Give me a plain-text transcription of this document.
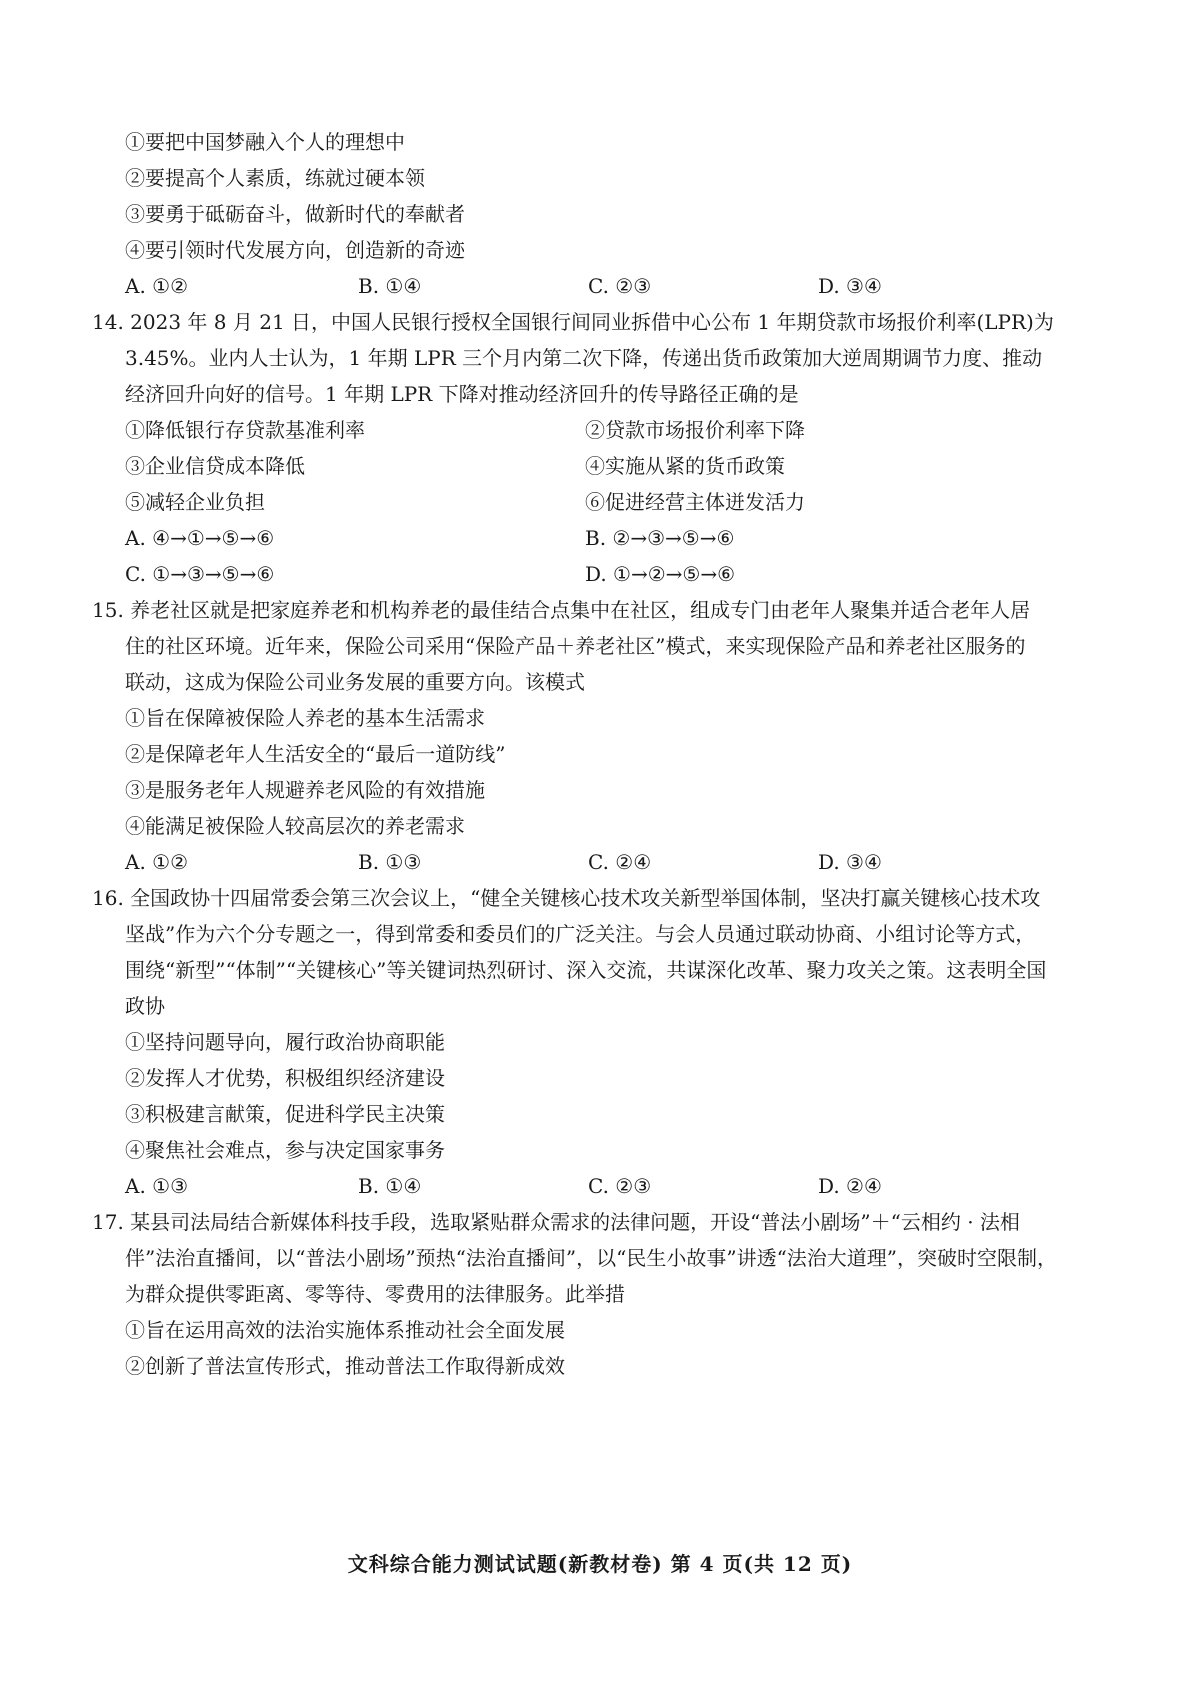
①要把中国梦融入个人的理想中
②要提高个人素质，练就过硬本领
③要勇于砥砺奋斗，做新时代的奉献者
④要引领时代发展方向，创造新的奇迹
A. ①②	B. ①④	C. ②③	D. ③④
14. 2023 年 8 月 21 日，中国人民银行授权全国银行间同业拆借中心公布 1 年期贷款市场报价利率(LPR)为
3.45%。业内人士认为，1 年期 LPR 三个月内第二次下降，传递出货币政策加大逆周期调节力度、推动
经济回升向好的信号。1 年期 LPR 下降对推动经济回升的传导路径正确的是
①降低银行存贷款基准利率	②贷款市场报价利率下降
③企业信贷成本降低	④实施从紧的货币政策
⑤减轻企业负担	⑥促进经营主体迸发活力
A. ④→①→⑤→⑥	B. ②→③→⑤→⑥
C. ①→③→⑤→⑥	D. ①→②→⑤→⑥
15. 养老社区就是把家庭养老和机构养老的最佳结合点集中在社区，组成专门由老年人聚集并适合老年人居
住的社区环境。近年来，保险公司采用“保险产品＋养老社区”模式，来实现保险产品和养老社区服务的
联动，这成为保险公司业务发展的重要方向。该模式
①旨在保障被保险人养老的基本生活需求
②是保障老年人生活安全的“最后一道防线”
③是服务老年人规避养老风险的有效措施
④能满足被保险人较高层次的养老需求
A. ①②	B. ①③	C. ②④	D. ③④
16. 全国政协十四届常委会第三次会议上，“健全关键核心技术攻关新型举国体制，坚决打赢关键核心技术攻
坚战”作为六个分专题之一，得到常委和委员们的广泛关注。与会人员通过联动协商、小组讨论等方式，
围绕“新型”“体制”“关键核心”等关键词热烈研讨、深入交流，共谋深化改革、聚力攻关之策。这表明全国
政协
①坚持问题导向，履行政治协商职能
②发挥人才优势，积极组织经济建设
③积极建言献策，促进科学民主决策
④聚焦社会难点，参与决定国家事务
A. ①③	B. ①④	C. ②③	D. ②④
17. 某县司法局结合新媒体科技手段，选取紧贴群众需求的法律问题，开设“普法小剧场”＋“云相约 · 法相
伴”法治直播间，以“普法小剧场”预热“法治直播间”，以“民生小故事”讲透“法治大道理”，突破时空限制，
为群众提供零距离、零等待、零费用的法律服务。此举措
①旨在运用高效的法治实施体系推动社会全面发展
②创新了普法宣传形式，推动普法工作取得新成效
文科综合能力测试试题(新教材卷) 第 4 页(共 12 页)
